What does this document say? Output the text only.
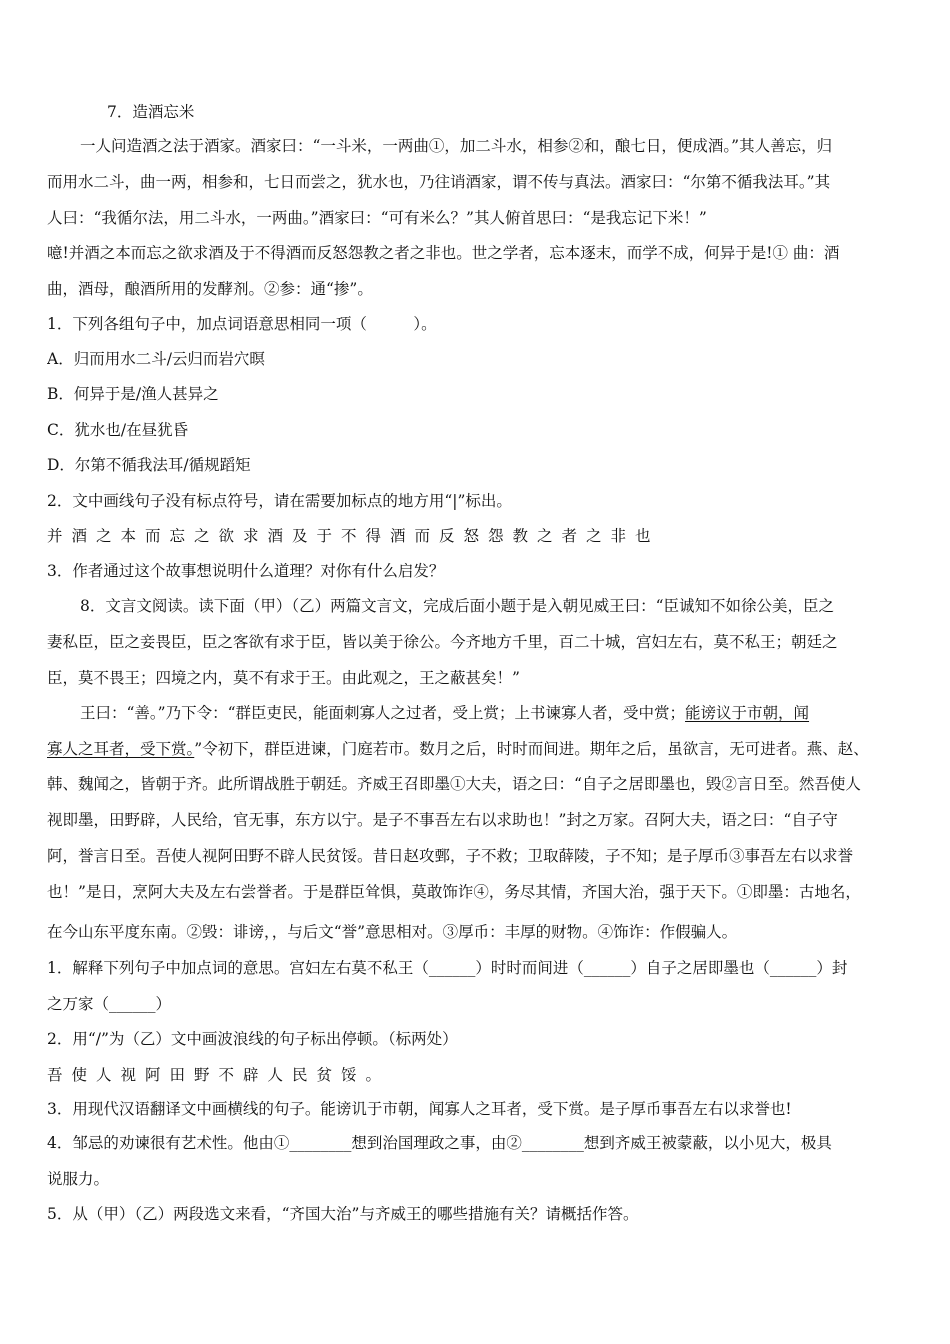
7．造酒忘米
一人问造酒之法于酒家。酒家曰：“一斗米，一两曲①，加二斗水，相参②和，酿七日，便成酒。”其人善忘，归
而用水二斗，曲一两，相参和，七日而尝之，犹水也，乃往诮酒家，谓不传与真法。酒家曰：“尔第不循我法耳。”其
人曰：“我循尔法，用二斗水，一两曲。”酒家曰：“可有米么？”其人俯首思曰：“是我忘记下米！”
噫!并酒之本而忘之欲求酒及于不得酒而反怒怨教之者之非也。世之学者，忘本逐末，而学不成，何异于是!① 曲：酒
曲，酒母，酿酒所用的发酵剂。②参：通“掺”。
1．下列各组句子中，加点词语意思相同一项（　　　）。
A．归而用水二斗/云归而岩穴暝
B．何异于是/渔人甚异之
C．犹水也/在昼犹昏
D．尔第不循我法耳/循规蹈矩
2．文中画线句子没有标点符号，请在需要加标点的地方用“|”标出。
并酒之本而忘之欲求酒及于不得酒而反怒怨教之者之非也
3．作者通过这个故事想说明什么道理？对你有什么启发？
8．文言文阅读。读下面（甲）（乙）两篇文言文，完成后面小题于是入朝见威王曰：“臣诚知不如徐公美，臣之
妻私臣，臣之妾畏臣，臣之客欲有求于臣，皆以美于徐公。今齐地方千里，百二十城，宫妇左右，莫不私王；朝廷之
臣，莫不畏王；四境之内，莫不有求于王。由此观之，王之蔽甚矣！”
王曰：“善。”乃下令：“群臣吏民，能面刺寡人之过者，受上赏；上书谏寡人者，受中赏；能谤议于市朝，闻
寡人之耳者，受下赏。”令初下，群臣进谏，门庭若市。数月之后，时时而间进。期年之后，虽欲言，无可进者。燕、赵、
韩、魏闻之，皆朝于齐。此所谓战胜于朝廷。齐威王召即墨①大夫，语之曰：“自子之居即墨也，毁②言日至。然吾使人
视即墨，田野辟，人民给，官无事，东方以宁。是子不事吾左右以求助也！”封之万家。召阿大夫，语之曰：“自子守
阿，誉言日至。吾使人视阿田野不辟人民贫馁。昔日赵攻鄄，子不救；卫取薛陵，子不知；是子厚币③事吾左右以求誉
也！”是日，烹阿大夫及左右尝誉者。于是群臣耸惧，莫敢饰诈④，务尽其情，齐国大治，强于天下。①即墨：古地名，
在今山东平度东南。②毁：诽谤，，与后文“誉”意思相对。③厚币：丰厚的财物。④饰诈：作假骗人。
1．解释下列句子中加点词的意思。宫妇左右莫不私王（______）时时而间进（______）自子之居即墨也（______）封
之万家（______）
2．用“/”为（乙）文中画波浪线的句子标出停顿。（标两处）
吾使人视阿田野不辟人民贫馁。
3．用现代汉语翻译文中画横线的句子。能谤讥于市朝，闻寡人之耳者，受下赏。是子厚币事吾左右以求誉也!
4．邹忌的劝谏很有艺术性。他由①________想到治国理政之事，由②________想到齐威王被蒙蔽，以小见大，极具
说服力。
5．从（甲）（乙）两段选文来看，“齐国大治”与齐威王的哪些措施有关？请概括作答。
